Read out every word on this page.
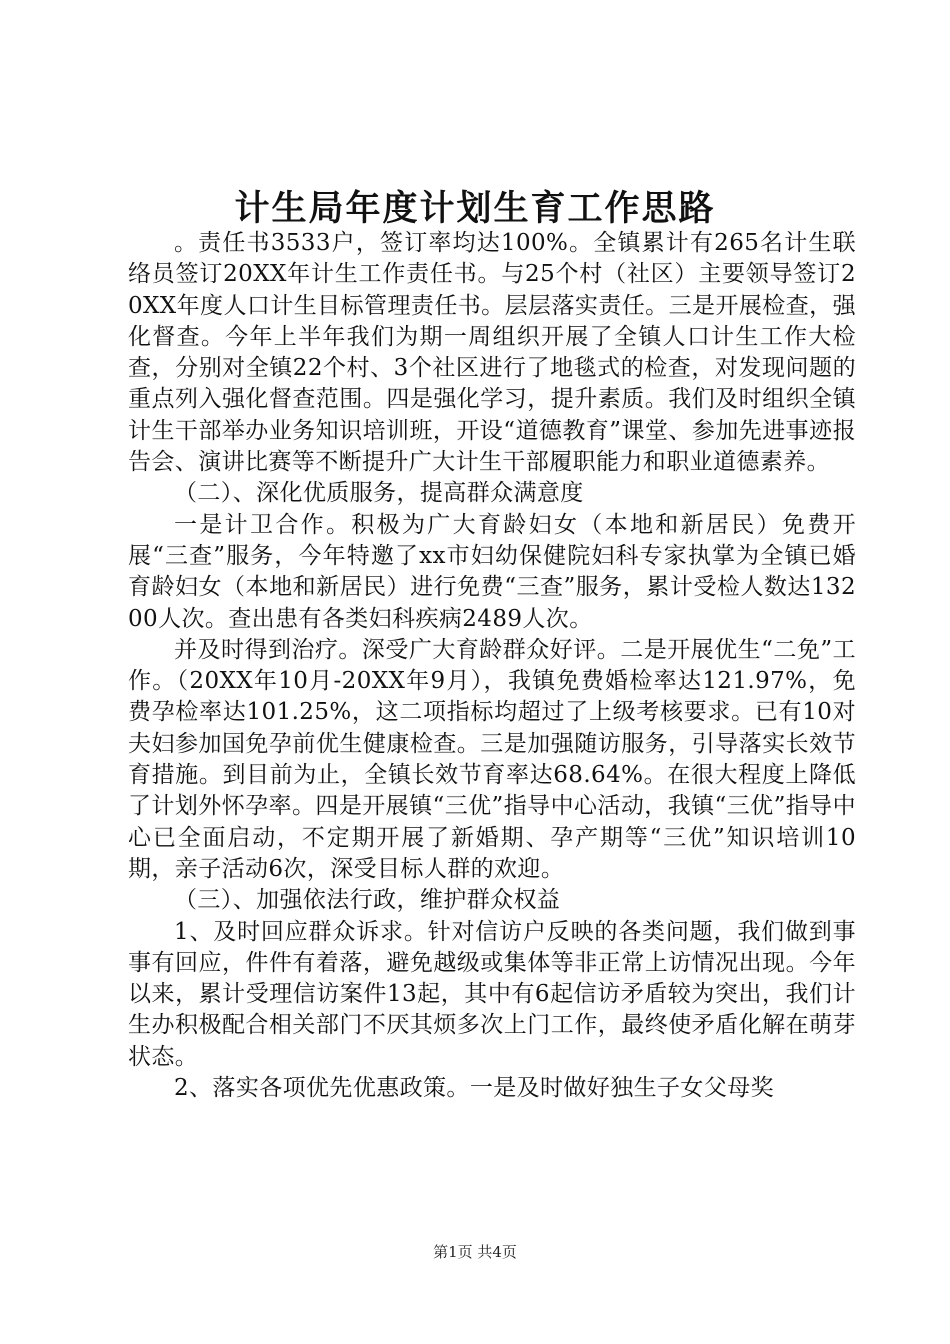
计生局年度计划生育工作思路

。责任书3533户，签订率均达100%。全镇累计有265名计生联络员签订20XX年计生工作责任书。与25个村（社区）主要领导签订20XX年度人口计生目标管理责任书。层层落实责任。三是开展检查，强化督查。今年上半年我们为期一周组织开展了全镇人口计生工作大检查，分别对全镇22个村、3个社区进行了地毯式的检查，对发现问题的重点列入强化督查范围。四是强化学习，提升素质。我们及时组织全镇计生干部举办业务知识培训班，开设“道德教育”课堂、参加先进事迹报告会、演讲比赛等不断提升广大计生干部履职能力和职业道德素养。

（二）、深化优质服务，提高群众满意度

一是计卫合作。积极为广大育龄妇女（本地和新居民）免费开展“三查”服务，今年特邀了xx市妇幼保健院妇科专家执掌为全镇已婚育龄妇女（本地和新居民）进行免费“三查”服务，累计受检人数达13200人次。查出患有各类妇科疾病2489人次。

并及时得到治疗。深受广大育龄群众好评。二是开展优生“二免”工作。（20XX年10月-20XX年9月），我镇免费婚检率达121.97%，免费孕检率达101.25%，这二项指标均超过了上级考核要求。已有10对夫妇参加国免孕前优生健康检查。三是加强随访服务，引导落实长效节育措施。到目前为止，全镇长效节育率达68.64%。在很大程度上降低了计划外怀孕率。四是开展镇“三优”指导中心活动，我镇“三优”指导中心已全面启动，不定期开展了新婚期、孕产期等“三优”知识培训10期，亲子活动6次，深受目标人群的欢迎。

（三）、加强依法行政，维护群众权益

1、及时回应群众诉求。针对信访户反映的各类问题，我们做到事事有回应，件件有着落，避免越级或集体等非正常上访情况出现。今年以来，累计受理信访案件13起，其中有6起信访矛盾较为突出，我们计生办积极配合相关部门不厌其烦多次上门工作，最终使矛盾化解在萌芽状态。

2、落实各项优先优惠政策。一是及时做好独生子女父母奖

第1页 共4页
